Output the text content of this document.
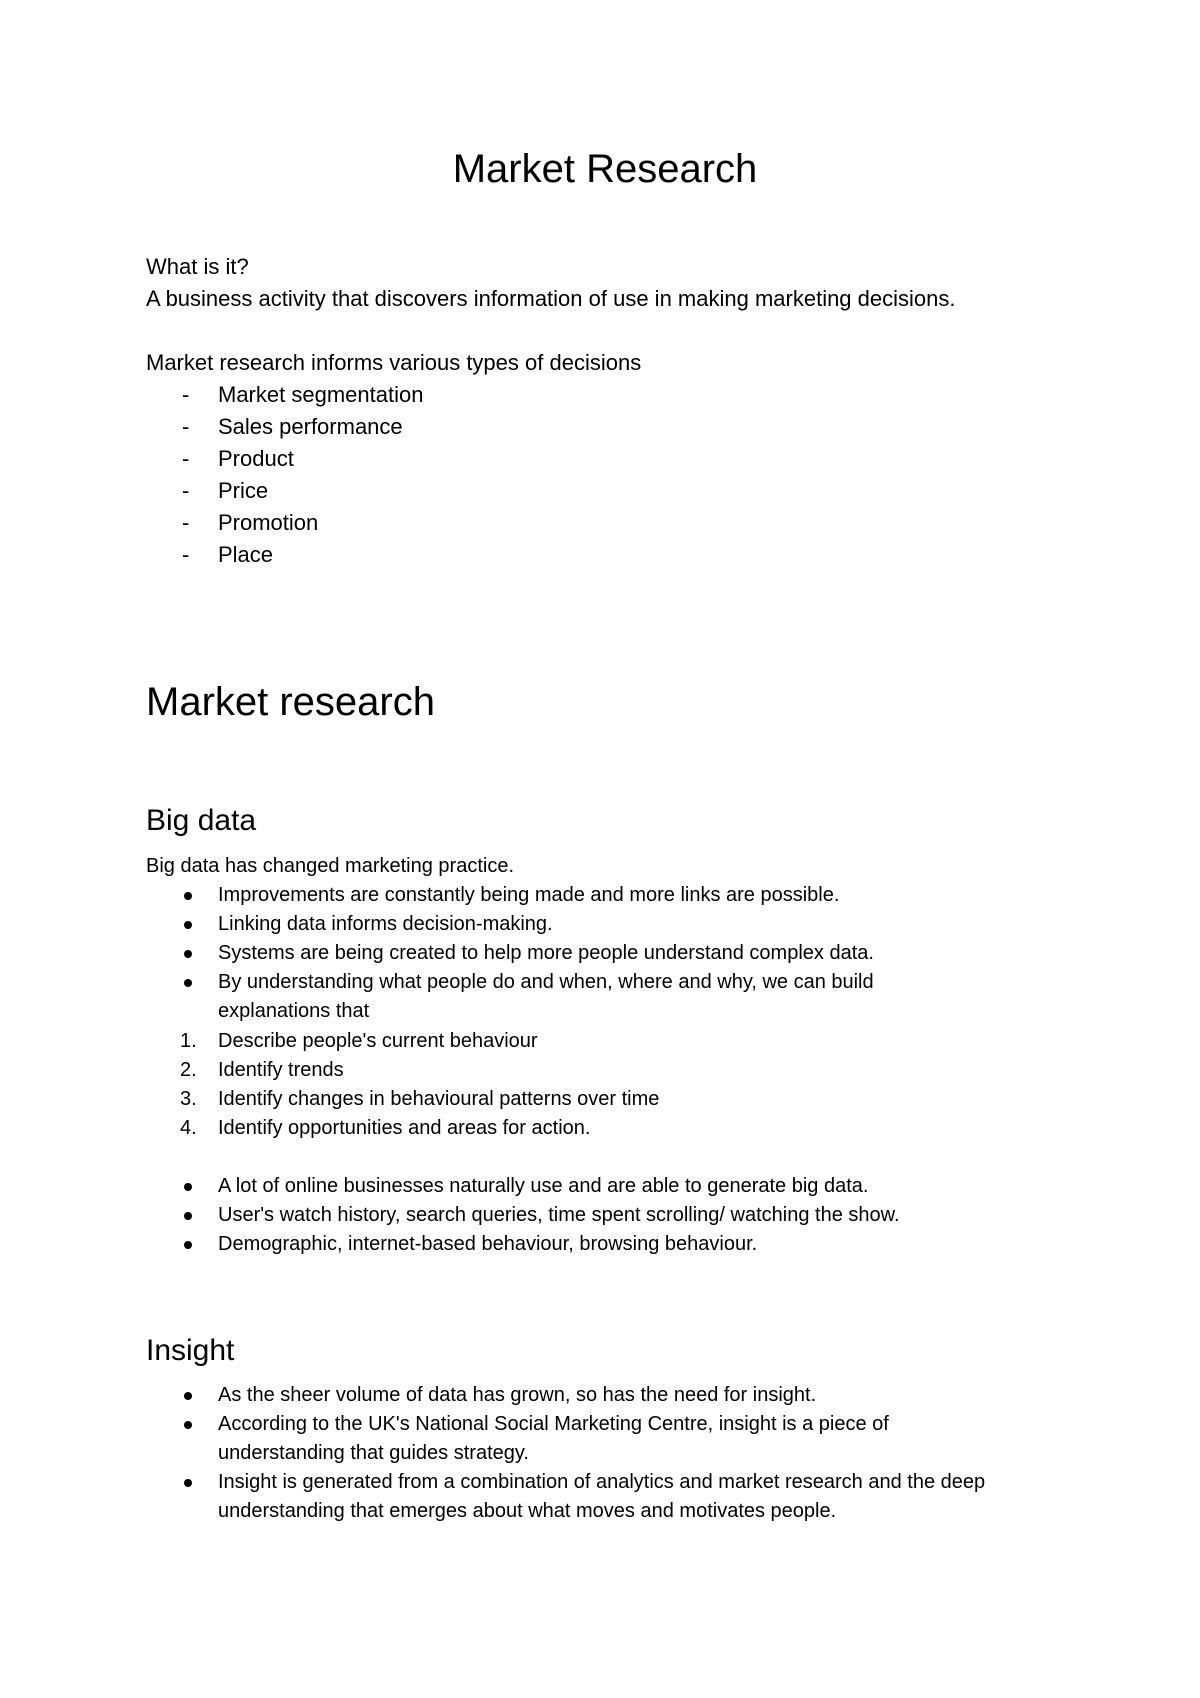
Market Research

What is it?

A business activity that discovers information of use in making marketing decisions.

Market research informs various types of decisions

- Market segmentation
- Sales performance
- Product
- Price
- Promotion
- Place
Market research
Big data

Big data has changed marketing practice.

Improvements are constantly being made and more links are possible.
Linking data informs decision-making.
Systems are being created to help more people understand complex data.
By understanding what people do and when, where and why, we can build explanations that
1.	Describe people's current behaviour
2.	Identify trends
3.	Identify changes in behavioural patterns over time
4.	Identify opportunities and areas for action.
A lot of online businesses naturally use and are able to generate big data.
User's watch history, search queries, time spent scrolling/ watching the show.
Demographic, internet-based behaviour, browsing behaviour.
Insight
As the sheer volume of data has grown, so has the need for insight.
According to the UK's National Social Marketing Centre, insight is a piece of understanding that guides strategy.
Insight is generated from a combination of analytics and market research and the deep understanding that emerges about what moves and motivates people.
